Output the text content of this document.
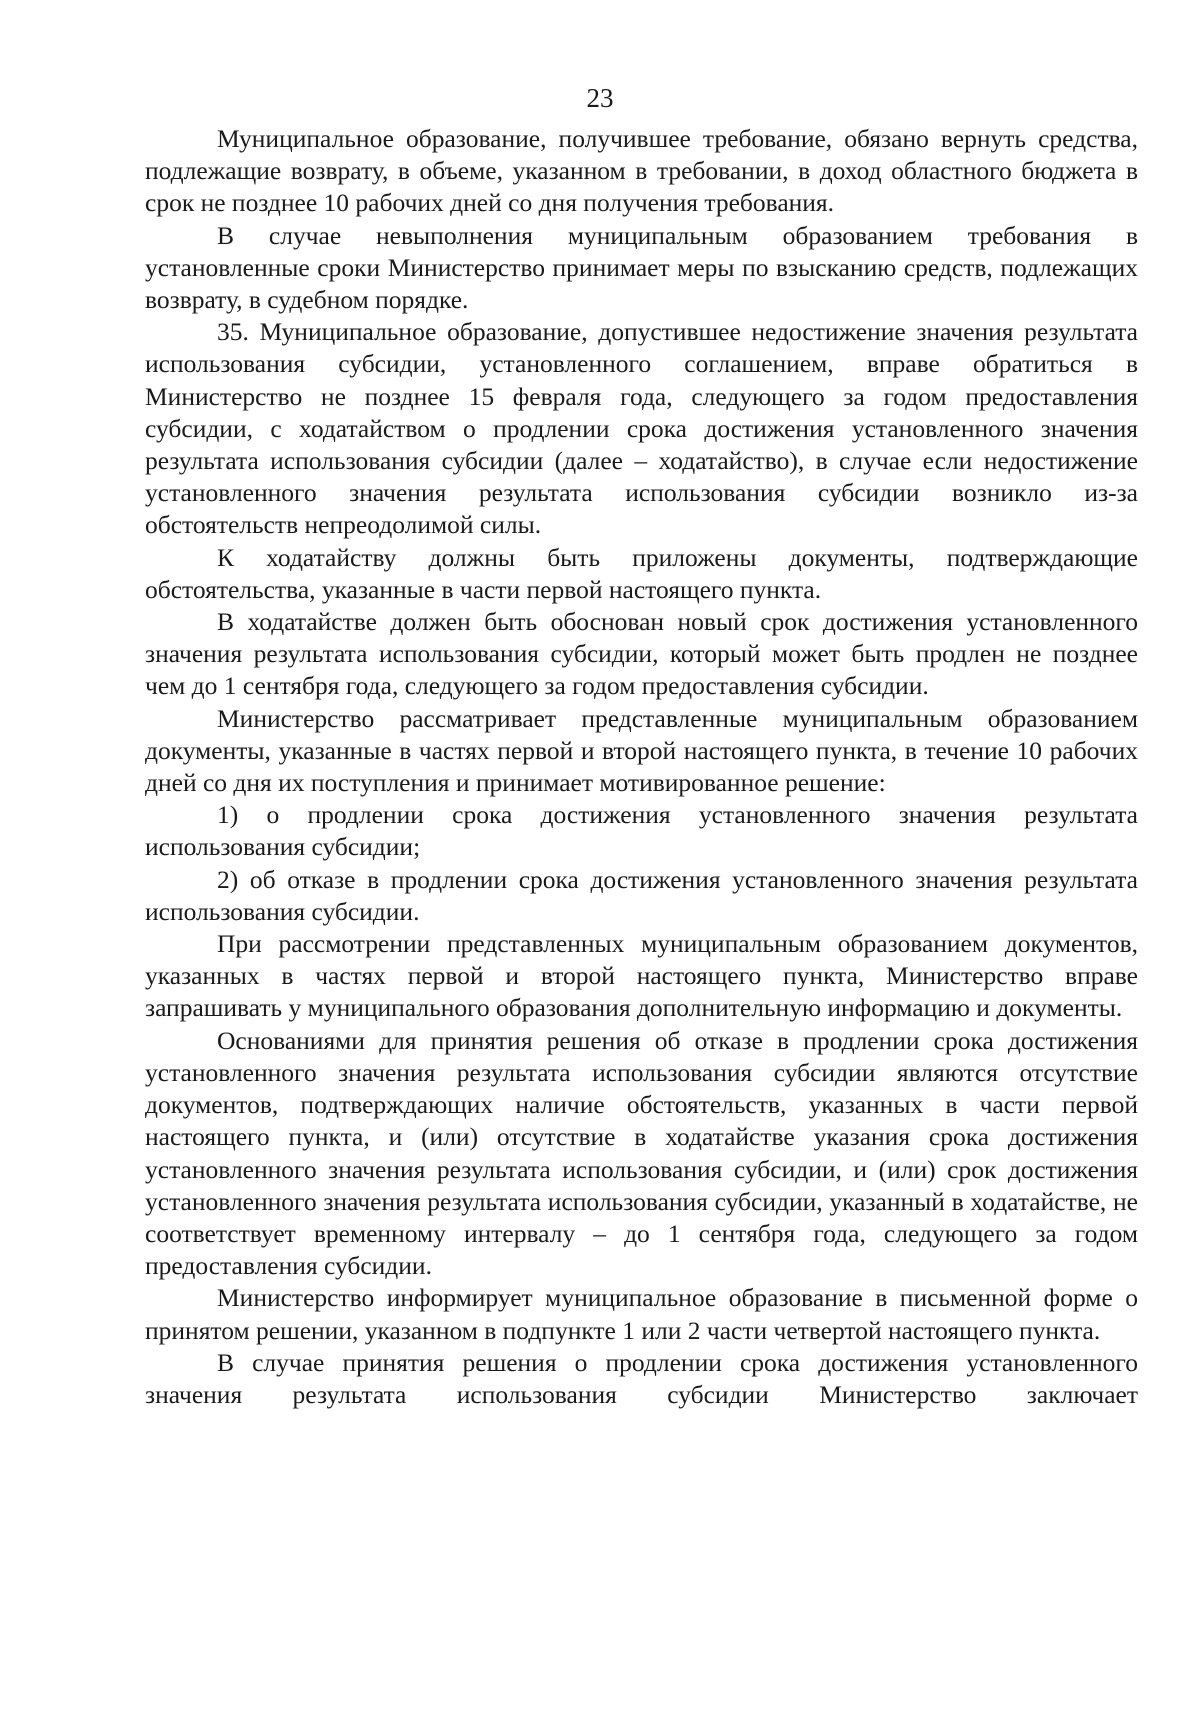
23

Муниципальное образование, получившее требование, обязано вернуть средства, подлежащие возврату, в объеме, указанном в требовании, в доход областного бюджета в срок не позднее 10 рабочих дней со дня получения требования.

В случае невыполнения муниципальным образованием требования в установленные сроки Министерство принимает меры по взысканию средств, подлежащих возврату, в судебном порядке.

35. Муниципальное образование, допустившее недостижение значения результата использования субсидии, установленного соглашением, вправе обратиться в Министерство не позднее 15 февраля года, следующего за годом предоставления субсидии, с ходатайством о продлении срока достижения установленного значения результата использования субсидии (далее – ходатайство), в случае если недостижение установленного значения результата использования субсидии возникло из-за обстоятельств непреодолимой силы.

К ходатайству должны быть приложены документы, подтверждающие обстоятельства, указанные в части первой настоящего пункта.

В ходатайстве должен быть обоснован новый срок достижения установленного значения результата использования субсидии, который может быть продлен не позднее чем до 1 сентября года, следующего за годом предоставления субсидии.

Министерство рассматривает представленные муниципальным образованием документы, указанные в частях первой и второй настоящего пункта, в течение 10 рабочих дней со дня их поступления и принимает мотивированное решение:

1) о продлении срока достижения установленного значения результата использования субсидии;

2) об отказе в продлении срока достижения установленного значения результата использования субсидии.

При рассмотрении представленных муниципальным образованием документов, указанных в частях первой и второй настоящего пункта, Министерство вправе запрашивать у муниципального образования дополнительную информацию и документы.

Основаниями для принятия решения об отказе в продлении срока достижения установленного значения результата использования субсидии являются отсутствие документов, подтверждающих наличие обстоятельств, указанных в части первой настоящего пункта, и (или) отсутствие в ходатайстве указания срока достижения установленного значения результата использования субсидии, и (или) срок достижения установленного значения результата использования субсидии, указанный в ходатайстве, не соответствует временному интервалу – до 1 сентября года, следующего за годом предоставления субсидии.

Министерство информирует муниципальное образование в письменной форме о принятом решении, указанном в подпункте 1 или 2 части четвертой настоящего пункта.

В случае принятия решения о продлении срока достижения установленного значения результата использования субсидии Министерство заключает
